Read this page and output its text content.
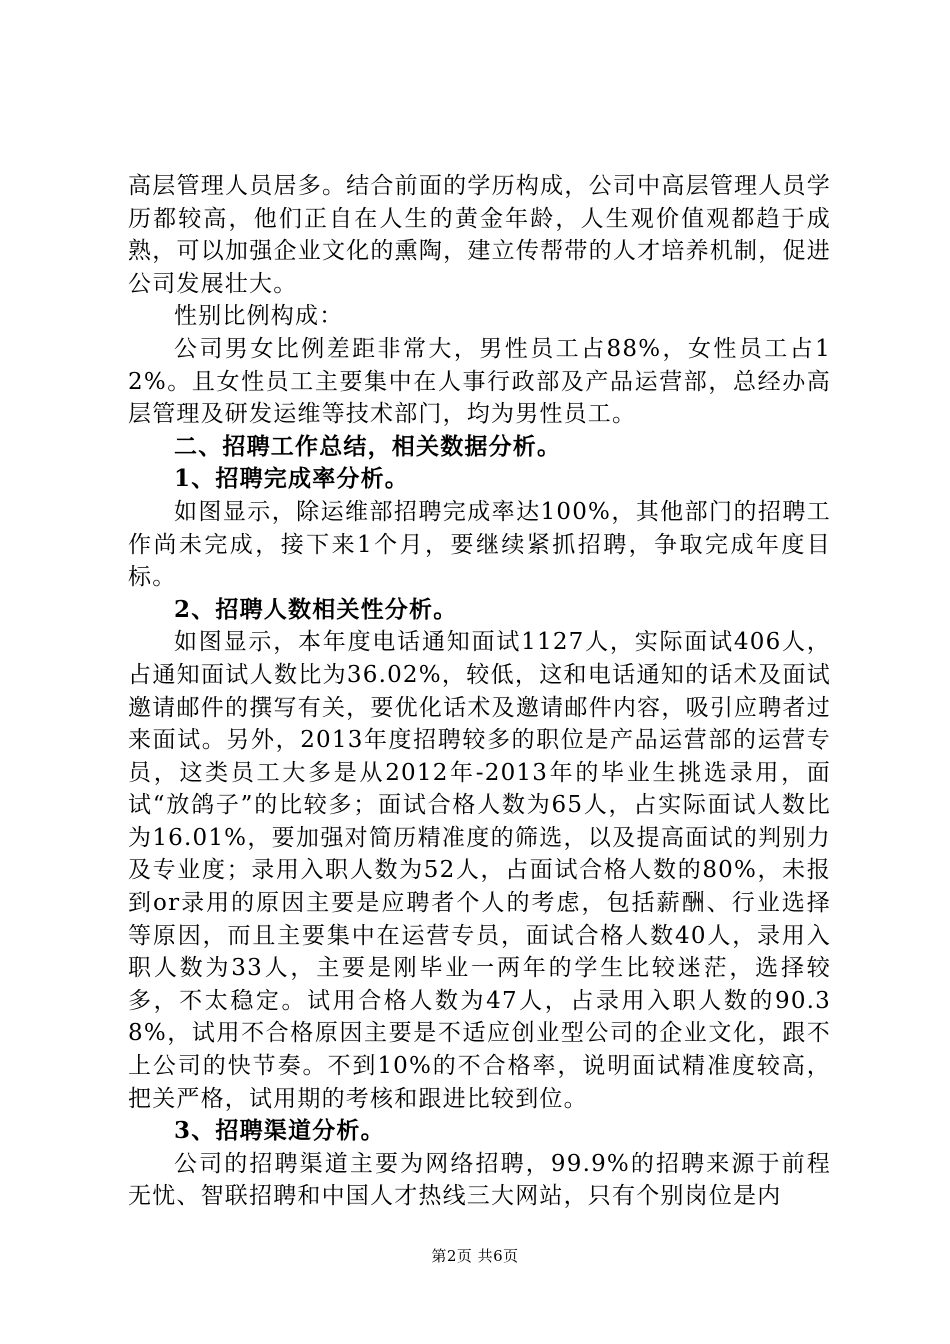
高层管理人员居多。结合前面的学历构成，公司中高层管理人员学历都较高，他们正自在人生的黄金年龄，人生观价值观都趋于成熟，可以加强企业文化的熏陶，建立传帮带的人才培养机制，促进公司发展壮大。

性别比例构成：

公司男女比例差距非常大，男性员工占88%，女性员工占12%。且女性员工主要集中在人事行政部及产品运营部，总经办高层管理及研发运维等技术部门，均为男性员工。

二、招聘工作总结，相关数据分析。

1、招聘完成率分析。

如图显示，除运维部招聘完成率达100%，其他部门的招聘工作尚未完成，接下来1个月，要继续紧抓招聘，争取完成年度目标。

2、招聘人数相关性分析。

如图显示，本年度电话通知面试1127人，实际面试406人，占通知面试人数比为36.02%，较低，这和电话通知的话术及面试邀请邮件的撰写有关，要优化话术及邀请邮件内容，吸引应聘者过来面试。另外，2013年度招聘较多的职位是产品运营部的运营专员，这类员工大多是从2012年-2013年的毕业生挑选录用，面试“放鸽子”的比较多；面试合格人数为65人，占实际面试人数比为16.01%，要加强对简历精准度的筛选，以及提高面试的判别力及专业度；录用入职人数为52人，占面试合格人数的80%，未报到or录用的原因主要是应聘者个人的考虑，包括薪酬、行业选择等原因，而且主要集中在运营专员，面试合格人数40人，录用入职人数为33人，主要是刚毕业一两年的学生比较迷茫，选择较多，不太稳定。试用合格人数为47人，占录用入职人数的90.38%，试用不合格原因主要是不适应创业型公司的企业文化，跟不上公司的快节奏。不到10%的不合格率，说明面试精准度较高，把关严格，试用期的考核和跟进比较到位。

3、招聘渠道分析。

公司的招聘渠道主要为网络招聘，99.9%的招聘来源于前程无忧、智联招聘和中国人才热线三大网站，只有个别岗位是内

第2页 共6页
